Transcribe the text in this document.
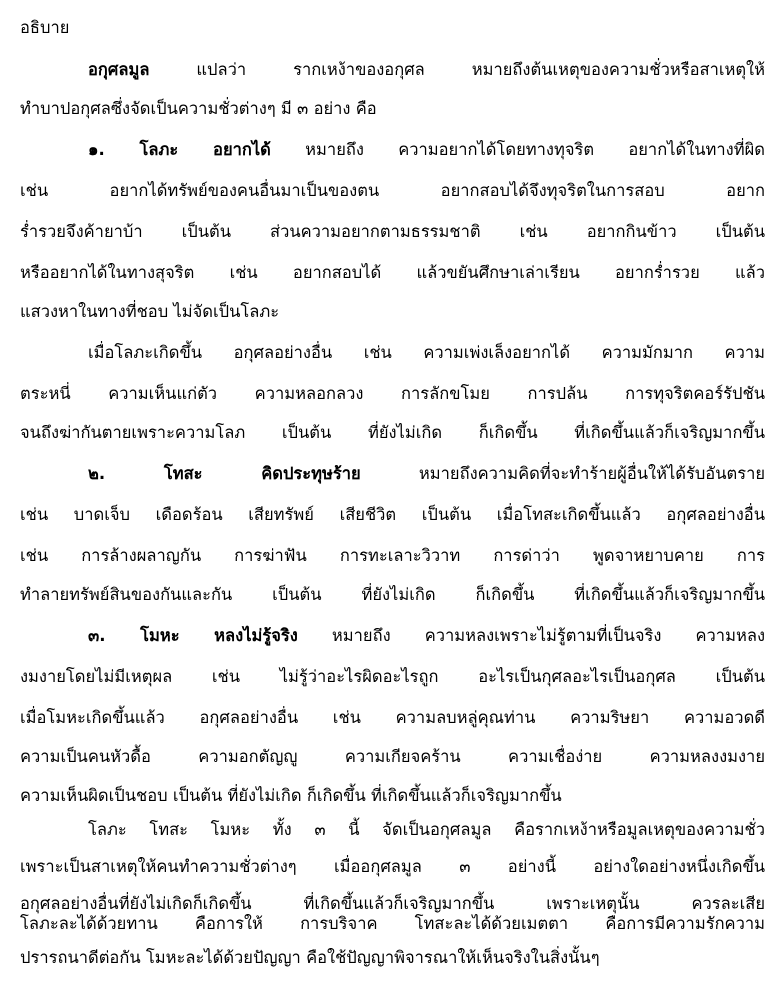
อธิบาย
อกุศลมูล แปลว่า รากเหง้าของอกุศล หมายถึงต้นเหตุของความชั่วหรือสาเหตุให้
ทำบาปอกุศลซึ่งจัดเป็นความชั่วต่างๆ มี ๓ อย่าง คือ
๑. โลภะ อยากได้ หมายถึง ความอยากได้โดยทางทุจริต อยากได้ในทางที่ผิด
เช่น อยากได้ทรัพย์ของคนอื่นมาเป็นของตน อยากสอบได้จึงทุจริตในการสอบ อยาก
ร่ำรวยจึงค้ายาบ้า เป็นต้น ส่วนความอยากตามธรรมชาติ เช่น อยากกินข้าว เป็นต้น
หรืออยากได้ในทางสุจริต เช่น อยากสอบได้ แล้วขยันศึกษาเล่าเรียน อยากร่ำรวย แล้ว
แสวงหาในทางที่ชอบ ไม่จัดเป็นโลภะ
เมื่อโลภะเกิดขึ้น อกุศลอย่างอื่น เช่น ความเพ่งเล็งอยากได้ ความมักมาก ความ
ตระหนี่ ความเห็นแก่ตัว ความหลอกลวง การลักขโมย การปล้น การทุจริตคอร์รัปชัน
จนถึงฆ่ากันตายเพราะความโลภ เป็นต้น ที่ยังไม่เกิด ก็เกิดขึ้น ที่เกิดขึ้นแล้วก็เจริญมากขึ้น
๒. โทสะ คิดประทุษร้าย หมายถึงความคิดที่จะทำร้ายผู้อื่นให้ได้รับอันตราย
เช่น บาดเจ็บ เดือดร้อน เสียทรัพย์ เสียชีวิต เป็นต้น เมื่อโทสะเกิดขึ้นแล้ว อกุศลอย่างอื่น
เช่น การล้างผลาญกัน การฆ่าฟัน การทะเลาะวิวาท การด่าว่า พูดจาหยาบคาย การ
ทำลายทรัพย์สินของกันและกัน เป็นต้น ที่ยังไม่เกิด ก็เกิดขึ้น ที่เกิดขึ้นแล้วก็เจริญมากขึ้น
๓. โมหะ หลงไม่รู้จริง หมายถึง ความหลงเพราะไม่รู้ตามที่เป็นจริง ความหลง
งมงายโดยไม่มีเหตุผล เช่น ไม่รู้ว่าอะไรผิดอะไรถูก อะไรเป็นกุศลอะไรเป็นอกุศล เป็นต้น
เมื่อโมหะเกิดขึ้นแล้ว อกุศลอย่างอื่น เช่น ความลบหลู่คุณท่าน ความริษยา ความอวดดี
ความเป็นคนหัวดื้อ ความอกตัญญู ความเกียจคร้าน ความเชื่อง่าย ความหลงงมงาย
ความเห็นผิดเป็นชอบ เป็นต้น ที่ยังไม่เกิด ก็เกิดขึ้น ที่เกิดขึ้นแล้วก็เจริญมากขึ้น
โลภะ โทสะ โมหะ ทั้ง ๓ นี้ จัดเป็นอกุศลมูล คือรากเหง้าหรือมูลเหตุของความชั่ว
เพราะเป็นสาเหตุให้คนทำความชั่วต่างๆ เมื่ออกุศลมูล ๓ อย่างนี้ อย่างใดอย่างหนึ่งเกิดขึ้น
อกุศลอย่างอื่นที่ยังไม่เกิดก็เกิดขึ้น ที่เกิดขึ้นแล้วก็เจริญมากขึ้น เพราะเหตุนั้น ควรละเสีย
โลภะละได้ด้วยทาน คือการให้ การบริจาค โทสะละได้ด้วยเมตตา คือการมีความรักความ
ปรารถนาดีต่อกัน โมหะละได้ด้วยปัญญา คือใช้ปัญญาพิจารณาให้เห็นจริงในสิ่งนั้นๆ
